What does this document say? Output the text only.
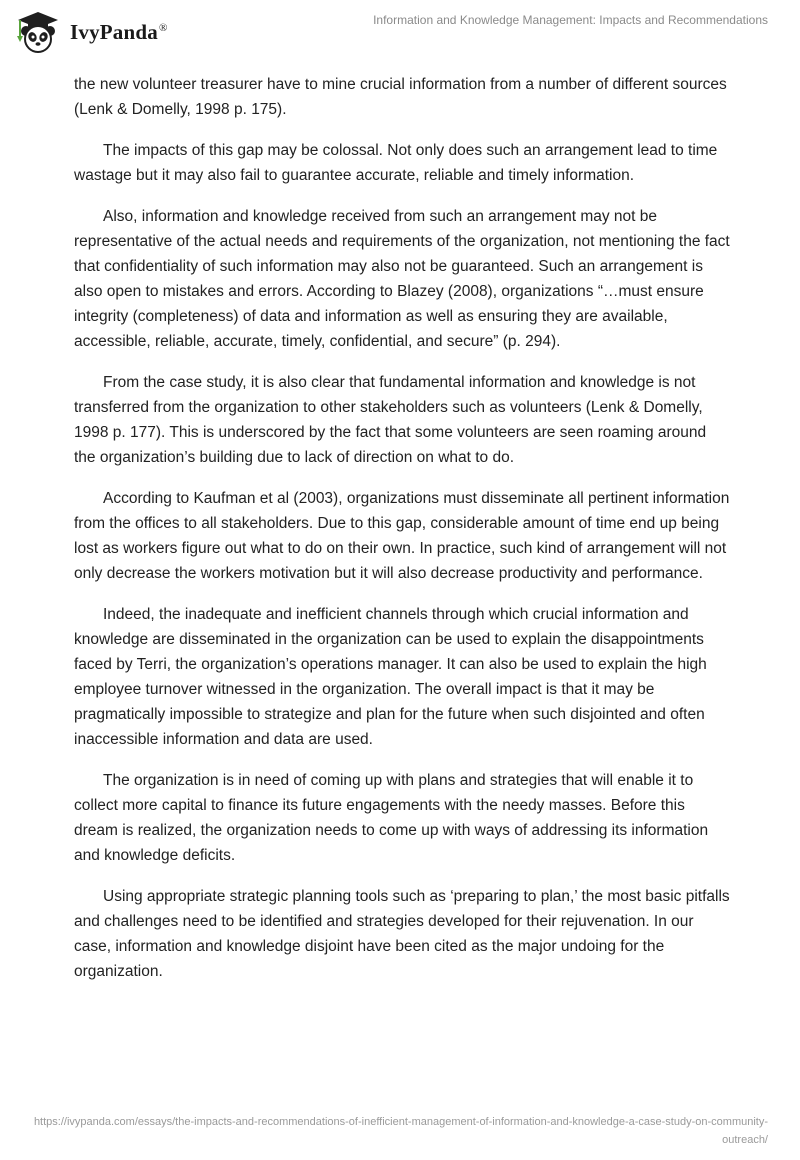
IvyPanda®
Information and Knowledge Management: Impacts and Recommendations

the new volunteer treasurer have to mine crucial information from a number of different sources (Lenk & Domelly, 1998 p. 175).

The impacts of this gap may be colossal. Not only does such an arrangement lead to time wastage but it may also fail to guarantee accurate, reliable and timely information.

Also, information and knowledge received from such an arrangement may not be representative of the actual needs and requirements of the organization, not mentioning the fact that confidentiality of such information may also not be guaranteed. Such an arrangement is also open to mistakes and errors. According to Blazey (2008), organizations “…must ensure integrity (completeness) of data and information as well as ensuring they are available, accessible, reliable, accurate, timely, confidential, and secure” (p. 294).

From the case study, it is also clear that fundamental information and knowledge is not transferred from the organization to other stakeholders such as volunteers (Lenk & Domelly, 1998 p. 177). This is underscored by the fact that some volunteers are seen roaming around the organization’s building due to lack of direction on what to do.

According to Kaufman et al (2003), organizations must disseminate all pertinent information from the offices to all stakeholders. Due to this gap, considerable amount of time end up being lost as workers figure out what to do on their own. In practice, such kind of arrangement will not only decrease the workers motivation but it will also decrease productivity and performance.

Indeed, the inadequate and inefficient channels through which crucial information and knowledge are disseminated in the organization can be used to explain the disappointments faced by Terri, the organization’s operations manager. It can also be used to explain the high employee turnover witnessed in the organization. The overall impact is that it may be pragmatically impossible to strategize and plan for the future when such disjointed and often inaccessible information and data are used.

The organization is in need of coming up with plans and strategies that will enable it to collect more capital to finance its future engagements with the needy masses. Before this dream is realized, the organization needs to come up with ways of addressing its information and knowledge deficits.

Using appropriate strategic planning tools such as ‘preparing to plan,’ the most basic pitfalls and challenges need to be identified and strategies developed for their rejuvenation. In our case, information and knowledge disjoint have been cited as the major undoing for the organization.

https://ivypanda.com/essays/the-impacts-and-recommendations-of-inefficient-management-of-information-and-knowledge-a-case-study-on-community-outreach/
